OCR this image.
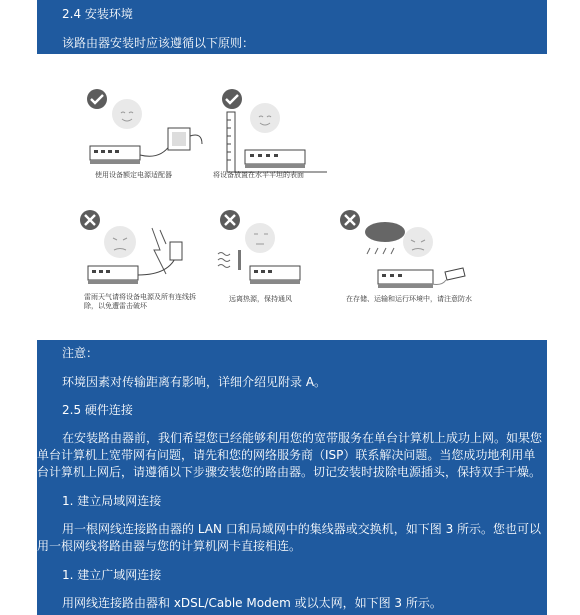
2.4 安装环境
该路由器安装时应该遵循以下原则：
使用设备额定电源适配器	将设备放置在水平平坦的表面
雷雨天气请将设备电源及所有连线拆除，以免遭雷击破坏
远离热源，保持通风	在存储、运输和运行环境中，请注意防水
注意：
环境因素对传输距离有影响，详细介绍见附录 A。
2.5 硬件连接
在安装路由器前，我们希望您已经能够利用您的宽带服务在单台计算机上成功上网。如果您单台计算机上宽带网有问题，请先和您的网络服务商（ISP）联系解决问题。当您成功地利用单台计算机上网后，请遵循以下步骤安装您的路由器。切记安装时拔除电源插头，保持双手干燥。
1. 建立局域网连接
用一根网线连接路由器的 LAN 口和局域网中的集线器或交换机，如下图 3 所示。您也可以用一根网线将路由器与您的计算机网卡直接相连。
1. 建立广域网连接
用网线连接路由器和 xDSL/Cable Modem 或以太网，如下图 3 所示。
